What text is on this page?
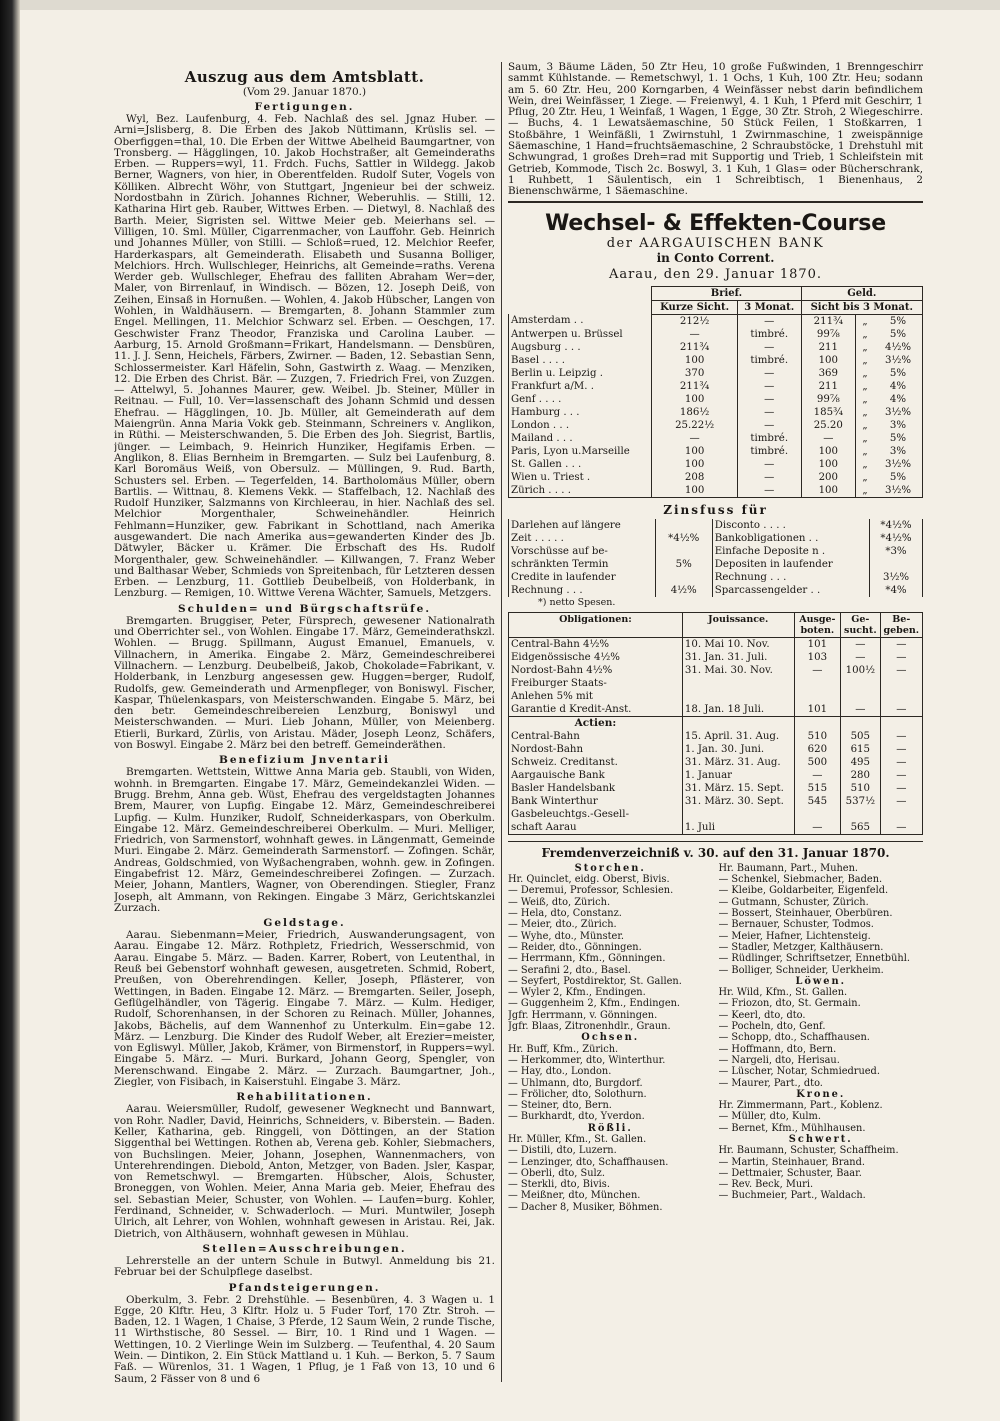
Auszug aus dem Amtsblatt.

(Vom 29. Januar 1870.)

Fertigungen.

Wyl, Bez. Laufenburg, 4. Feb. Nachlaß des sel. Jgnaz Huber. — Arni=Jslisberg, 8. Die Erben des Jakob Nüttimann, Krüslis sel. — Oberfiggen=thal, 10. Die Erben der Wittwe Abelheid Baumgartner, von Tronsberg. — Hägglingen, 10. Jakob Hochstraßer, alt Gemeinderaths Erben. — Ruppers=wyl, 11. Frdch. Fuchs, Sattler in Wildegg. Jakob Berner, Wagners, von hier, in Oberentfelden. Rudolf Suter, Vogels von Kölliken. Albrecht Wöhr, von Stuttgart, Jngenieur bei der schweiz. Nordostbahn in Zürich. Johannes Richner, Weberuhlis. — Stilli, 12. Katharina Hirt geb. Rauber, Wittwes Erben. — Dietwyl, 8. Nachlaß des Barth. Meier, Sigristen sel. Wittwe Meier geb. Meierhans sel. — Villigen, 10. Sml. Müller, Cigarrenmacher, von Lauffohr. Geb. Heinrich und Johannes Müller, von Stilli. — Schloß=rued, 12. Melchior Reefer, Harderkaspars, alt Gemeinderath. Elisabeth und Susanna Bolliger, Melchiors. Hrch. Wullschleger, Heinrichs, alt Gemeinde=raths. Verena Werder geb. Wullschleger, Ehefrau des falliten Abraham Wer=der, Maler, von Birrenlauf, in Windisch. — Bözen, 12. Joseph Deiß, von Zeihen, Einsaß in Hornußen. — Wohlen, 4. Jakob Hübscher, Langen von Wohlen, in Waldhäusern. — Bremgarten, 8. Johann Stammler zum Engel. Mellingen, 11. Melchior Schwarz sel. Erben. — Oeschgen, 17. Geschwister Franz Theodor, Franziska und Carolina Lauber. — Aarburg, 15. Arnold Großmann=Frikart, Handelsmann. — Densbüren, 11. J. J. Senn, Heichels, Färbers, Zwirner. — Baden, 12. Sebastian Senn, Schlossermeister. Karl Häfelin, Sohn, Gastwirth z. Waag. — Menziken, 12. Die Erben des Christ. Bär. — Zuzgen, 7. Friedrich Frei, von Zuzgen. — Attelwyl, 5. Johannes Maurer, gew. Weibel. Jb. Steiner, Müller in Reitnau. — Full, 10. Ver=lassenschaft des Johann Schmid und dessen Ehefrau. — Hägglingen, 10. Jb. Müller, alt Gemeinderath auf dem Maiengrün. Anna Maria Vokk geb. Steinmann, Schreiners v. Anglikon, in Rüthi. — Meisterschwanden, 5. Die Erben des Joh. Siegrist, Bartlis, jünger. — Leimbach, 9. Heinrich Hunziker, Hegifamis Erben. — Anglikon, 8. Elias Bernheim in Bremgarten. — Sulz bei Laufenburg, 8. Karl Boromäus Weiß, von Obersulz. — Müllingen, 9. Rud. Barth, Schusters sel. Erben. — Tegerfelden, 14. Bartholomäus Müller, obern Bartlis. — Wittnau, 8. Klemens Vekk. — Staffelbach, 12. Nachlaß des Rudolf Hunziker, Salzmanns von Kirchleerau, in hier. Nachlaß des sel. Melchior Morgenthaler, Schweinehändler. Heinrich Fehlmann=Hunziker, gew. Fabrikant in Schottland, nach Amerika ausgewandert. Die nach Amerika aus=gewanderten Kinder des Jb. Dätwyler, Bäcker u. Krämer. Die Erbschaft des Hs. Rudolf Morgenthaler, gew. Schweinehändler. — Killwangen, 7. Franz Weber und Balthasar Weber, Schmieds von Spreitenbach, für Letzteren dessen Erben. — Lenzburg, 11. Gottlieb Deubelbeiß, von Holderbank, in Lenzburg. — Remigen, 10. Wittwe Verena Wächter, Samuels, Metzgers.

Schulden= und Bürgschaftsrüfe.

Bremgarten. Bruggiser, Peter, Fürsprech, gewesener Nationalrath und Oberrichter sel., von Wohlen. Eingabe 17. März, Gemeinderathskzl. Wohlen. — Brugg. Spillmann, August Emanuel, Emanuels, v. Villnachern, in Amerika. Eingabe 2. März, Gemeindeschreiberei Villnachern. — Lenzburg. Deubelbeiß, Jakob, Chokolade=Fabrikant, v. Holderbank, in Lenzburg angesessen gew. Huggen=berger, Rudolf, Rudolfs, gew. Gemeinderath und Armenpfleger, von Boniswyl. Fischer, Kaspar, Thüelenkaspars, von Meisterschwanden. Eingabe 5. März, bei den betr. Gemeindeschreibereien Lenzburg, Boniswyl und Meisterschwanden. — Muri. Lieb Johann, Müller, von Meienberg. Etierli, Burkard, Zürlis, von Aristau. Mäder, Joseph Leonz, Schäfers, von Boswyl. Eingabe 2. März bei den betreff. Gemeinderäthen.

Benefizium Jnventarii

Bremgarten. Wettstein, Wittwe Anna Maria geb. Staubli, von Widen, wohnh. in Bremgarten. Eingabe 17. März, Gemeindekanzlei Widen. — Brugg. Brehm, Anna geb. Wüst, Ehefrau des vergeldstagten Johannes Brem, Maurer, von Lupfig. Eingabe 12. März, Gemeindeschreiberei Lupfig. — Kulm. Hunziker, Rudolf, Schneiderkaspars, von Oberkulm. Eingabe 12. März. Gemeindeschreiberei Oberkulm. — Muri. Melliger, Friedrich, von Sarmenstorf, wohnhaft gewes. in Längenmatt, Gemeinde Muri. Eingabe 2. März. Gemeinderath Sarmenstorf. — Zofingen. Schär, Andreas, Goldschmied, von Wyßachengraben, wohnh. gew. in Zofingen. Eingabefrist 12. März, Gemeindeschreiberei Zofingen. — Zurzach. Meier, Johann, Mantlers, Wagner, von Oberendingen. Stiegler, Franz Joseph, alt Ammann, von Rekingen. Eingabe 3 März, Gerichtskanzlei Zurzach.

Geldstage.

Aarau. Siebenmann=Meier, Friedrich, Auswanderungsagent, von Aarau. Eingabe 12. März. Rothpletz, Friedrich, Wesserschmid, von Aarau. Eingabe 5. März. — Baden. Karrer, Robert, von Leutenthal, in Reuß bei Gebenstorf wohnhaft gewesen, ausgetreten. Schmid, Robert, Preußen, von Oberehrendingen. Keller, Joseph, Pflästerer, von Wettingen, in Baden. Eingabe 12. März. — Bremgarten. Seiler, Joseph, Geflügelhändler, von Tägerig. Eingabe 7. März. — Kulm. Hediger, Rudolf, Schorenhansen, in der Schoren zu Reinach. Müller, Johannes, Jakobs, Bächelis, auf dem Wannenhof zu Unterkulm. Ein=gabe 12. März. — Lenzburg. Die Kinder des Rudolf Weber, alt Erezier=meister, von Egliswyl. Müller, Jakob, Krämer, von Birmenstorf, in Ruppers=wyl. Eingabe 5. März. — Muri. Burkard, Johann Georg, Spengler, von Merenschwand. Eingabe 2. März. — Zurzach. Baumgartner, Joh., Ziegler, von Fisibach, in Kaiserstuhl. Eingabe 3. März.

Rehabilitationen.

Aarau. Weiersmüller, Rudolf, gewesener Wegknecht und Bannwart, von Rohr. Nadler, David, Heinrichs, Schneiders, v. Biberstein. — Baden. Keller, Katharina, geb. Ringgeli, von Döttingen, an der Station Siggenthal bei Wettingen. Rothen ab, Verena geb. Kohler, Siebmachers, von Buchslingen. Meier, Johann, Josephen, Wannenmachers, von Unterehrendingen. Diebold, Anton, Metzger, von Baden. Jsler, Kaspar, von Remetschwyl. — Bremgarten. Hübscher, Alois, Schuster, Broneggen, von Wohlen. Meier, Anna Maria geb. Meier, Ehefrau des sel. Sebastian Meier, Schuster, von Wohlen. — Laufen=burg. Kohler, Ferdinand, Schneider, v. Schwaderloch. — Muri. Muntwiler, Joseph Ulrich, alt Lehrer, von Wohlen, wohnhaft gewesen in Aristau. Rei, Jak. Dietrich, von Althäusern, wohnhaft gewesen in Mühlau.

Stellen=Ausschreibungen.

Lehrerstelle an der untern Schule in Butwyl. Anmeldung bis 21. Februar bei der Schulpflege daselbst.

Pfandsteigerungen.

Oberkulm, 3. Febr. 2 Drehstühle. — Besenbüren, 4. 3 Wagen u. 1 Egge, 20 Klftr. Heu, 3 Klftr. Holz u. 5 Fuder Torf, 170 Ztr. Stroh. — Baden, 12. 1 Wagen, 1 Chaise, 3 Pferde, 12 Saum Wein, 2 runde Tische, 11 Wirthstische, 80 Sessel. — Birr, 10. 1 Rind und 1 Wagen. — Wettingen, 10. 2 Vierlinge Wein im Sulzberg. — Teufenthal, 4. 20 Saum Wein. — Dintikon, 2. Ein Stück Mattland u. 1 Kuh. — Berkon, 5. 7 Saum Faß. — Würenlos, 31. 1 Wagen, 1 Pflug, je 1 Faß von 13, 10 und 6 Saum, 2 Fässer von 8 und 6

Saum, 3 Bäume Läden, 50 Ztr Heu, 10 große Fußwinden, 1 Brenngeschirr sammt Kühlstande. — Remetschwyl, 1. 1 Ochs, 1 Kuh, 100 Ztr. Heu; sodann am 5. 60 Ztr. Heu, 200 Korngarben, 4 Weinfässer nebst darin befindlichem Wein, drei Weinfässer, 1 Ziege. — Freienwyl, 4. 1 Kuh, 1 Pferd mit Geschirr, 1 Pflug, 20 Ztr. Heu, 1 Weinfaß, 1 Wagen, 1 Egge, 30 Ztr. Stroh, 2 Wiegeschirre. — Buchs, 4. 1 Lewatsäemaschine, 50 Stück Feilen, 1 Stoßkarren, 1 Stoßbähre, 1 Weinfäßli, 1 Zwirnstuhl, 1 Zwirnmaschine, 1 zweispännige Säemaschine, 1 Hand=fruchtsäemaschine, 2 Schraubstöcke, 1 Drehstuhl mit Schwungrad, 1 großes Dreh=rad mit Supportig und Trieb, 1 Schleifstein mit Getrieb, Kommode, Tisch 2c. Boswyl, 3. 1 Kuh, 1 Glas= oder Bücherschrank, 1 Ruhbett, 1 Säulentisch, ein 1 Schreibtisch, 1 Bienenhaus, 2 Bienenschwärme, 1 Säemaschine.

Wechsel- & Effekten-Course

der AARGAUISCHEN BANK

in Conto Corrent.

Aarau, den 29. Januar 1870.

	Brief.		Geld.		
	Kurze Sicht.	3 Monat.	Sicht bis 3 Monat.		
Amsterdam . .	212½	—	211¾	„	5%
Antwerpen u. Brüssel	—	timbré.	99⅞	„	5%
Augsburg . . .	211¾	—	211	„	4½%
Basel . . . .	100	timbré.	100	„	3½%
Berlin u. Leipzig .	370	—	369	„	5%
Frankfurt a/M. .	211¾	—	211	„	4%
Genf . . . .	100	—	99⅞	„	4%
Hamburg . . .	186½	—	185¾	„	3½%
London . . .	25.22½	—	25.20	„	3%
Mailand . . .	—	timbré.	—	„	5%
Paris, Lyon u.Marseille	100	timbré.	100	„	3%
St. Gallen . . .	100	—	100	„	3½%
Wien u. Triest .	208	—	200	„	5%
Zürich . . . .	100	—	100	„	3½%

Zinsfuss für

Darlehen auf längere		Disconto . . . .	*4½%
Zeit . . . . .	*4½%	Bankobligationen . .	*4½%
Vorschüsse auf be-		Einfache Deposite n .	*3%
schränkten Termin	5%	Depositen in laufender	
Credite in laufender		Rechnung . . .	3½%
Rechnung . . .	4½%	Sparcassengelder . .	*4%

*) netto Spesen.

Obligationen:	Jouissance.	Ausge-boten.	Ge-sucht.	Be-geben.
Central-Bahn 4½%	10. Mai 10. Nov.	101	—	—
Eidgenössische 4½%	31. Jan. 31. Juli.	103	—	—
Nordost-Bahn 4½%	31. Mai. 30. Nov.	—	100½	—
Freiburger Staats-				
Anlehen 5% mit				
Garantie d Kredit-Anst.	18. Jan. 18 Juli.	101	—	—
Actien:				
Central-Bahn	15. April. 31. Aug.	510	505	—
Nordost-Bahn	1. Jan. 30. Juni.	620	615	—
Schweiz. Creditanst.	31. März. 31. Aug.	500	495	—
Aargauische Bank	1. Januar	—	280	—
Basler Handelsbank	31. März. 15. Sept.	515	510	—
Bank Winterthur	31. März. 30. Sept.	545	537½	—
Gasbeleuchtgs.-Gesell-				
schaft Aarau	1. Juli	—	565	—

Fremdenverzeichniß v. 30. auf den 31. Januar 1870.

Storchen.

Hr. Quinclet, eidg. Oberst, Bivis.

— Deremui, Professor, Schlesien.

— Weiß, dto, Zürich.

— Hela, dto, Constanz.

— Meier, dto., Zürich.

— Wyhe, dto., Münster.

— Reider, dto., Gönningen.

— Herrmann, Kfm., Gönningen.

— Serafini 2, dto., Basel.

— Seyfert, Postdirektor, St. Gallen.

— Wyler 2, Kfm., Endingen.

— Guggenheim 2, Kfm., Endingen.

Jgfr. Herrmann, v. Gönningen.

Jgfr. Blaas, Zitronenhdlr., Graun.

Ochsen.

Hr. Buff, Kfm., Zürich.

— Herkommer, dto, Winterthur.

— Hay, dto., London.

— Uhlmann, dto, Burgdorf.

— Frölicher, dto, Solothurn.

— Steiner, dto, Bern.

— Burkhardt, dto, Yverdon.

Rößli.

Hr. Müller, Kfm., St. Gallen.

— Distili, dto, Luzern.

— Lenzinger, dto, Schaffhausen.

— Oberli, dto, Sulz.

— Sterkli, dto, Bivis.

— Meißner, dto, München.

— Dacher 8, Musiker, Böhmen.

Hr. Baumann, Part., Muhen.

— Schenkel, Siebmacher, Baden.

— Kleibe, Goldarbeiter, Eigenfeld.

— Gutmann, Schuster, Zürich.

— Bossert, Steinhauer, Oberbüren.

— Bernauer, Schuster, Todmos.

— Meier, Hafner, Lichtensteig.

— Stadler, Metzger, Kalthäusern.

— Rüdlinger, Schriftsetzer, Ennetbühl.

— Bolliger, Schneider, Uerkheim.

Löwen.

Hr. Wild, Kfm., St. Gallen.

— Friozon, dto, St. Germain.

— Keerl, dto, dto.

— Pocheln, dto, Genf.

— Schopp, dto., Schaffhausen.

— Hoffmann, dto, Bern.

— Nargeli, dto, Herisau.

— Lüscher, Notar, Schmiedrued.

— Maurer, Part., dto.

Krone.

Hr. Zimmermann, Part., Koblenz.

— Müller, dto, Kulm.

— Bernet, Kfm., Mühlhausen.

Schwert.

Hr. Baumann, Schuster, Schaffheim.

— Martin, Steinhauer, Brand.

— Dettmaier, Schuster, Baar.

— Rev. Beck, Muri.

— Buchmeier, Part., Waldach.
